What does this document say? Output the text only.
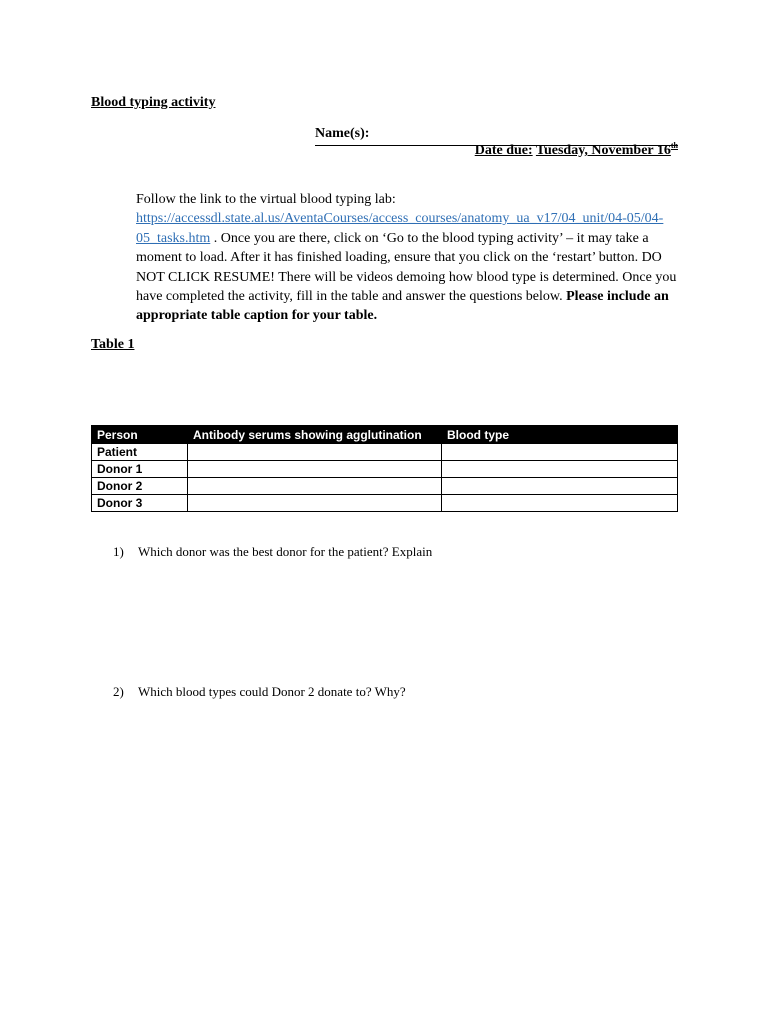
Blood typing activity
Name(s):
Date due: Tuesday, November 16th
Follow the link to the virtual blood typing lab:
https://accessdl.state.al.us/AventaCourses/access_courses/anatomy_ua_v17/04_unit/04-05/04-05_tasks.htm . Once you are there, click on ‘Go to the blood typing activity’ – it may take a moment to load. After it has finished loading, ensure that you click on the ‘restart’ button. DO NOT CLICK RESUME! There will be videos demoing how blood type is determined. Once you have completed the activity, fill in the table and answer the questions below. Please include an appropriate table caption for your table.
Table 1
Person	Antibody serums showing agglutination	Blood type
Patient		
Donor 1		
Donor 2		
Donor 3		
1) Which donor was the best donor for the patient? Explain
2) Which blood types could Donor 2 donate to? Why?
